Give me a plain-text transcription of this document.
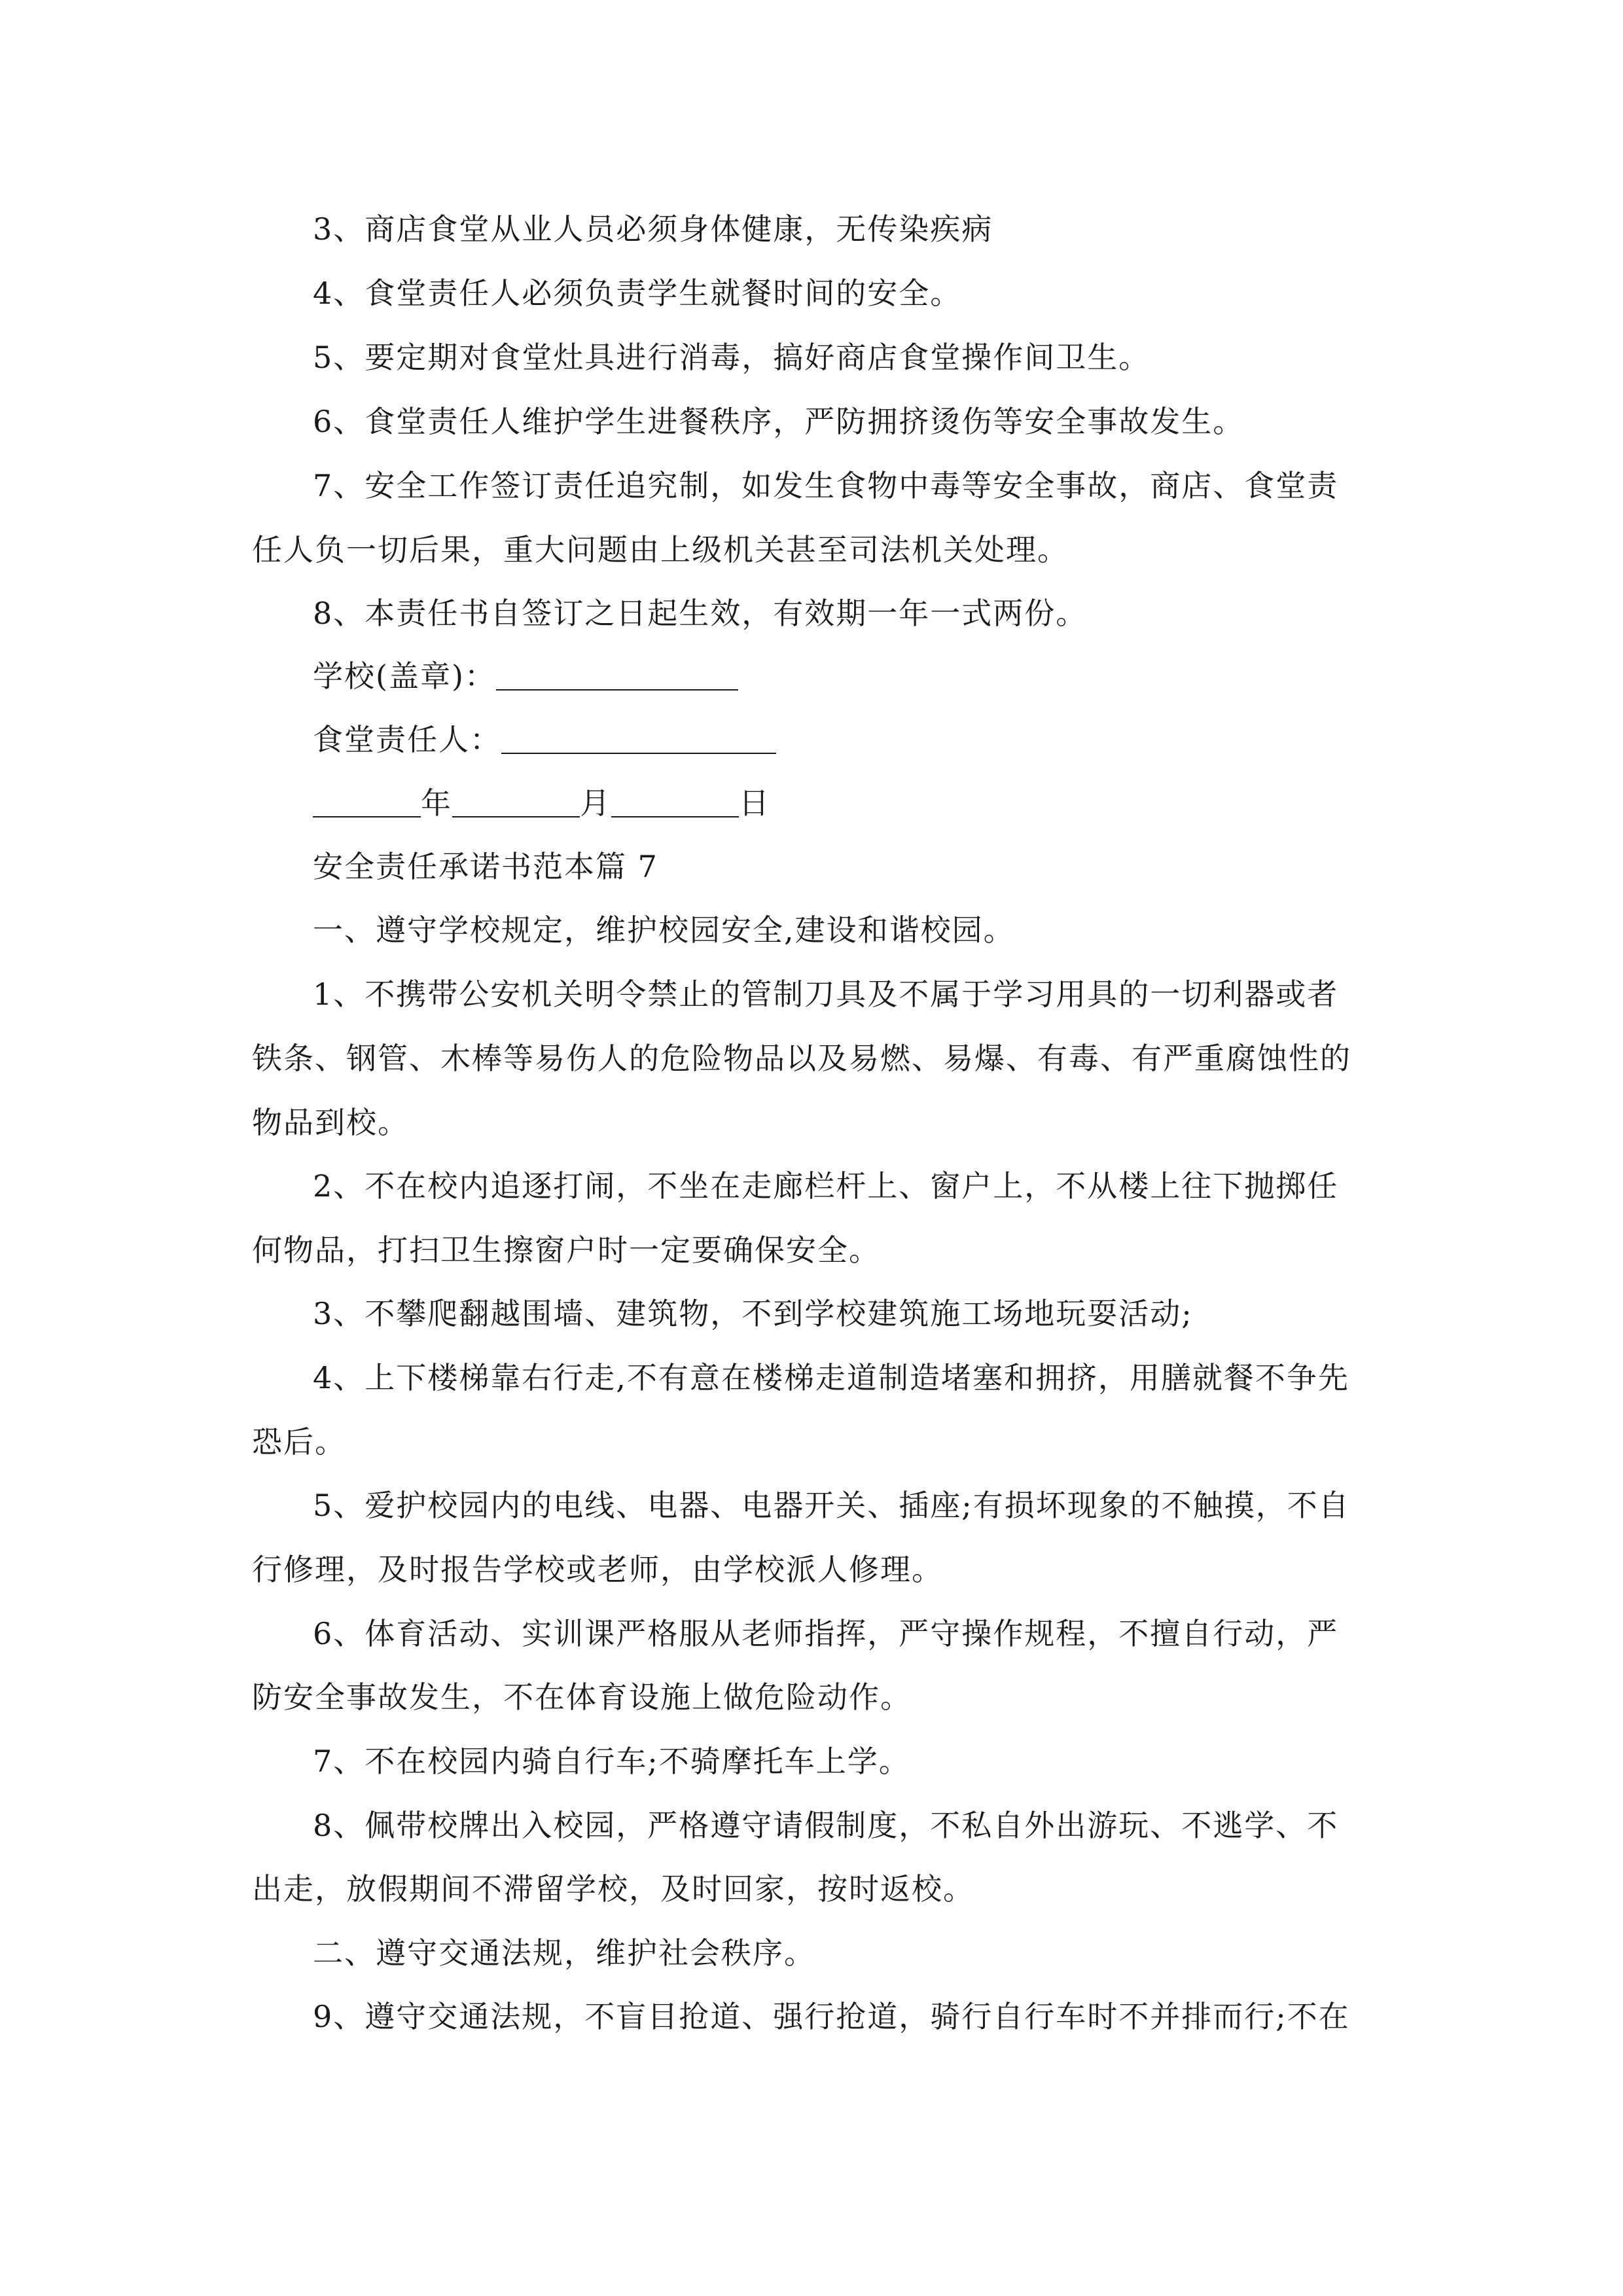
3、商店食堂从业人员必须身体健康，无传染疾病
4、食堂责任人必须负责学生就餐时间的安全。
5、要定期对食堂灶具进行消毒，搞好商店食堂操作间卫生。
6、食堂责任人维护学生进餐秩序，严防拥挤烫伤等安全事故发生。
7、安全工作签订责任追究制，如发生食物中毒等安全事故，商店、食堂责
任人负一切后果，重大问题由上级机关甚至司法机关处理。
8、本责任书自签订之日起生效，有效期一年一式两份。
学校(盖章)：
食堂责任人：
年	月	日
安全责任承诺书范本篇 7
一、遵守学校规定，维护校园安全,建设和谐校园。
1、不携带公安机关明令禁止的管制刀具及不属于学习用具的一切利器或者
铁条、钢管、木棒等易伤人的危险物品以及易燃、易爆、有毒、有严重腐蚀性的
物品到校。
2、不在校内追逐打闹，不坐在走廊栏杆上、窗户上，不从楼上往下抛掷任
何物品，打扫卫生擦窗户时一定要确保安全。
3、不攀爬翻越围墙、建筑物，不到学校建筑施工场地玩耍活动;
4、上下楼梯靠右行走,不有意在楼梯走道制造堵塞和拥挤，用膳就餐不争先
恐后。
5、爱护校园内的电线、电器、电器开关、插座;有损坏现象的不触摸，不自
行修理，及时报告学校或老师，由学校派人修理。
6、体育活动、实训课严格服从老师指挥，严守操作规程，不擅自行动，严
防安全事故发生，不在体育设施上做危险动作。
7、不在校园内骑自行车;不骑摩托车上学。
8、佩带校牌出入校园，严格遵守请假制度，不私自外出游玩、不逃学、不
出走，放假期间不滞留学校，及时回家，按时返校。
二、遵守交通法规，维护社会秩序。
9、遵守交通法规，不盲目抢道、强行抢道，骑行自行车时不并排而行;不在
